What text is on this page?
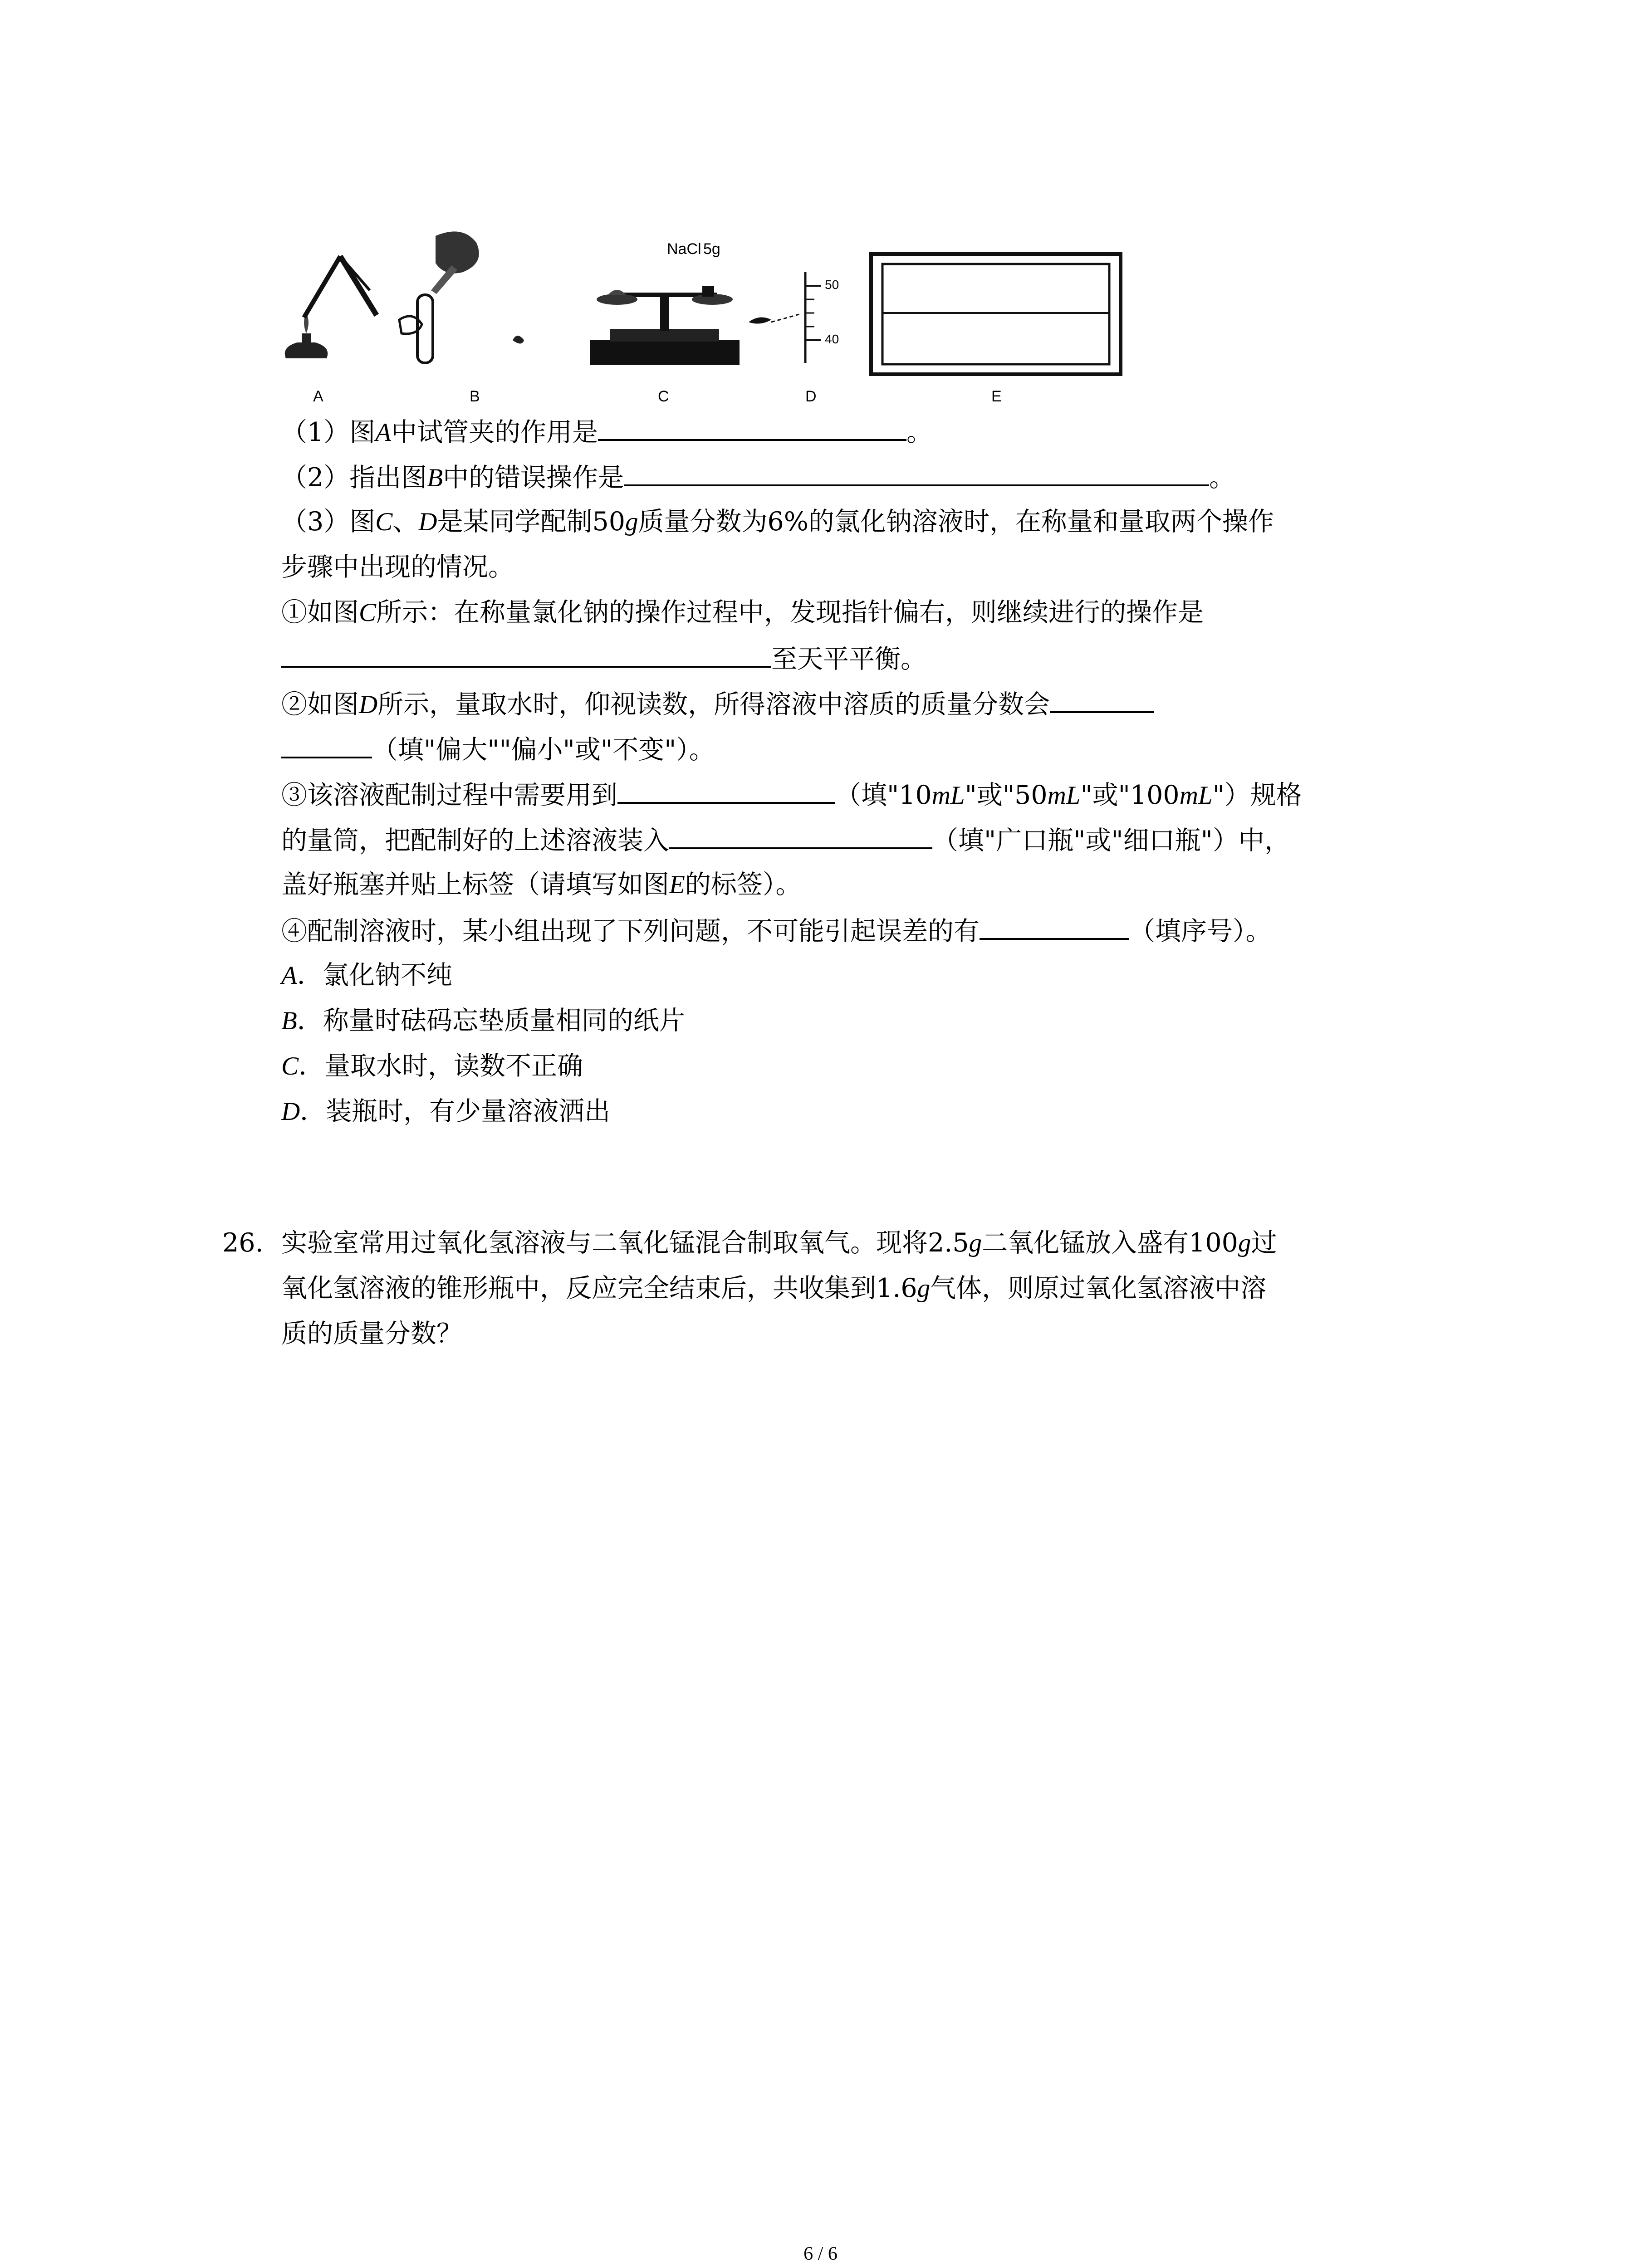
NaCl 5g
50
40
A	B	C	D	E
（1）图A中试管夹的作用是	。
（2）指出图B中的错误操作是	。
（3）图C、D是某同学配制50g质量分数为6%的氯化钠溶液时，在称量和量取两个操作
步骤中出现的情况。
①如图C所示：在称量氯化钠的操作过程中，发现指针偏右，则继续进行的操作是
至天平平衡。
②如图D所示，量取水时，仰视读数，所得溶液中溶质的质量分数会
（填"偏大""偏小"或"不变"）。
③该溶液配制过程中需要用到	（填"10mL"或"50mL"或"100mL"）规格
的量筒，把配制好的上述溶液装入	（填"广口瓶"或"细口瓶"）中，
盖好瓶塞并贴上标签（请填写如图E的标签）。
④配制溶液时，某小组出现了下列问题，不可能引起误差的有	（填序号）。
A．氯化钠不纯
B．称量时砝码忘垫质量相同的纸片
C．量取水时，读数不正确
D．装瓶时，有少量溶液洒出
26. 实验室常用过氧化氢溶液与二氧化锰混合制取氧气。现将2.5g二氧化锰放入盛有100g过
氧化氢溶液的锥形瓶中，反应完全结束后，共收集到1.6g气体，则原过氧化氢溶液中溶
质的质量分数？
6 / 6
